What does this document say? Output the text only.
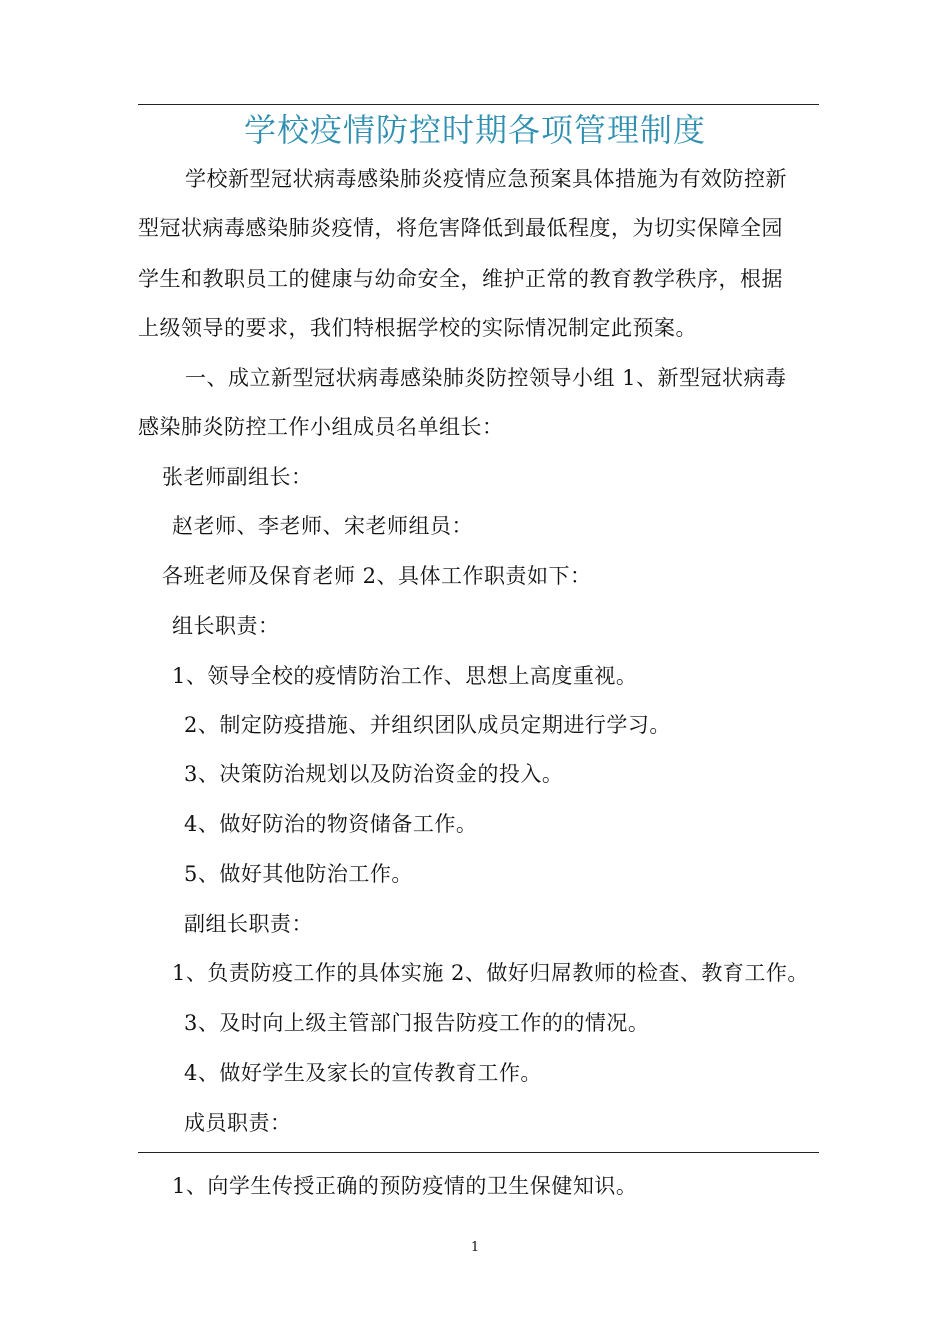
学校疫情防控时期各项管理制度
学校新型冠状病毒感染肺炎疫情应急预案具体措施为有效防控新
型冠状病毒感染肺炎疫情，将危害降低到最低程度，为切实保障全园
学生和教职员工的健康与幼命安全，维护正常的教育教学秩序，根据
上级领导的要求，我们特根据学校的实际情况制定此预案。
一、成立新型冠状病毒感染肺炎防控领导小组 1、新型冠状病毒
感染肺炎防控工作小组成员名单组长：
张老师副组长：
赵老师、李老师、宋老师组员：
各班老师及保育老师 2、具体工作职责如下：
组长职责：
1、领导全校的疫情防治工作、思想上高度重视。
2、制定防疫措施、并组织团队成员定期进行学习。
3、决策防治规划以及防治资金的投入。
4、做好防治的物资储备工作。
5、做好其他防治工作。
副组长职责：
1、负责防疫工作的具体实施 2、做好归屌教师的检查、教育工作。
3、及时向上级主管部门报告防疫工作的的情况。
4、做好学生及家长的宣传教育工作。
成员职责：
1、向学生传授正确的预防疫情的卫生保健知识。
1
